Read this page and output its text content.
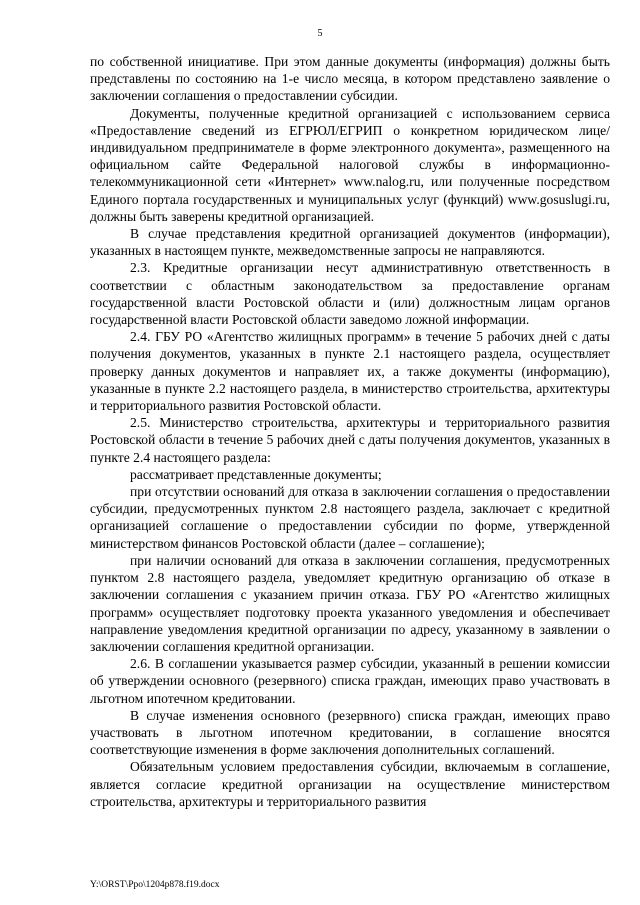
5

по собственной инициативе. При этом данные документы (информация) должны быть представлены по состоянию на 1-е число месяца, в котором представлено заявление о заключении соглашения о предоставлении субсидии.

Документы, полученные кредитной организацией с использованием сервиса «Предоставление сведений из ЕГРЮЛ/ЕГРИП о конкретном юридическом лице/индивидуальном предпринимателе в форме электронного документа», размещенного на официальном сайте Федеральной налоговой службы в информационно-телекоммуникационной сети «Интернет» www.nalog.ru, или полученные посредством Единого портала государственных и муниципальных услуг (функций) www.gosuslugi.ru, должны быть заверены кредитной организацией.

В случае представления кредитной организацией документов (информации), указанных в настоящем пункте, межведомственные запросы не направляются.

2.3. Кредитные организации несут административную ответственность в соответствии с областным законодательством за предоставление органам государственной власти Ростовской области и (или) должностным лицам органов государственной власти Ростовской области заведомо ложной информации.

2.4. ГБУ РО «Агентство жилищных программ» в течение 5 рабочих дней с даты получения документов, указанных в пункте 2.1 настоящего раздела, осуществляет проверку данных документов и направляет их, а также документы (информацию), указанные в пункте 2.2 настоящего раздела, в министерство строительства, архитектуры и территориального развития Ростовской области.

2.5. Министерство строительства, архитектуры и территориального развития Ростовской области в течение 5 рабочих дней с даты получения документов, указанных в пункте 2.4 настоящего раздела:

рассматривает представленные документы;

при отсутствии оснований для отказа в заключении соглашения о предоставлении субсидии, предусмотренных пунктом 2.8 настоящего раздела, заключает с кредитной организацией соглашение о предоставлении субсидии по форме, утвержденной министерством финансов Ростовской области (далее – соглашение);

при наличии оснований для отказа в заключении соглашения, предусмотренных пунктом 2.8 настоящего раздела, уведомляет кредитную организацию об отказе в заключении соглашения с указанием причин отказа. ГБУ РО «Агентство жилищных программ» осуществляет подготовку проекта указанного уведомления и обеспечивает направление уведомления кредитной организации по адресу, указанному в заявлении о заключении соглашения кредитной организации.

2.6. В соглашении указывается размер субсидии, указанный в решении комиссии об утверждении основного (резервного) списка граждан, имеющих право участвовать в льготном ипотечном кредитовании.

В случае изменения основного (резервного) списка граждан, имеющих право участвовать в льготном ипотечном кредитовании, в соглашение вносятся соответствующие изменения в форме заключения дополнительных соглашений.

Обязательным условием предоставления субсидии, включаемым в соглашение, является согласие кредитной организации на осуществление министерством строительства, архитектуры и территориального развития

Y:\ORST\Ppo\1204p878.f19.docx
